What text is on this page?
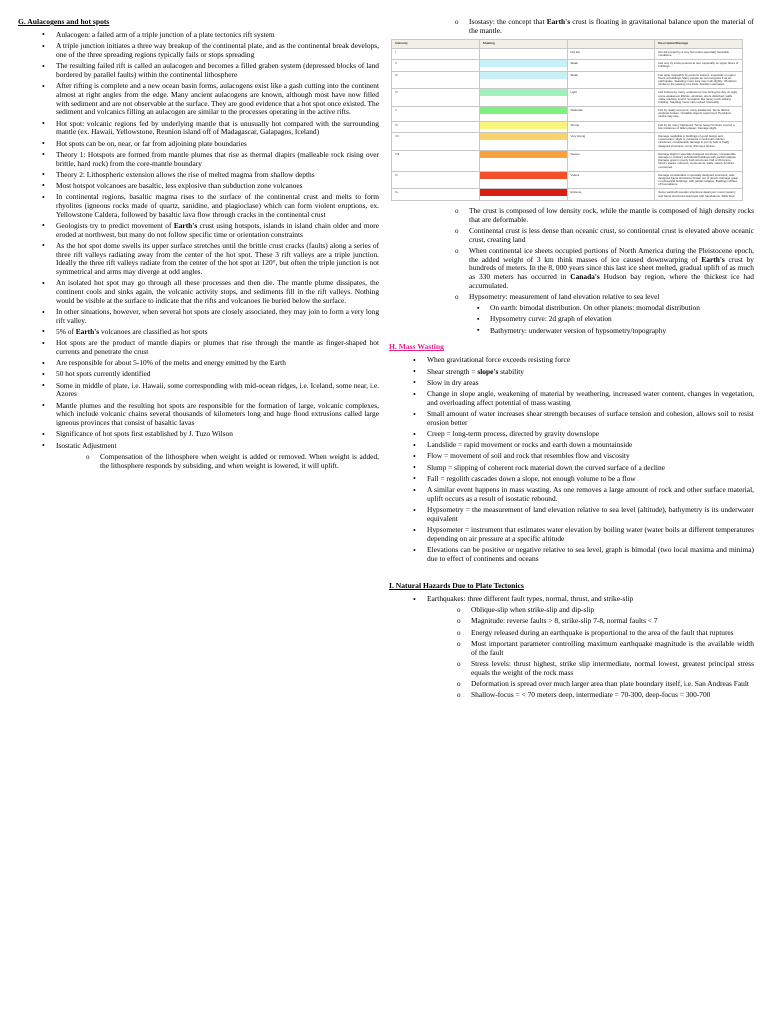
G. Aulacogens and hot spots
• Aulacogen: a failed arm of a triple junction of a plate tectonics rift system
• A triple junction initiates a three way breakup of the continental plate, and as the continental break develops, one of the three spreading regions typically fails or stops spreading
• The resulting failed rift is called an aulacogen and becomes a filled graben system (depressed blocks of land bordered by parallel faults) within the continental lithosphere
• After rifting is complete and a new ocean basin forms, aulacogens exist like a gash cutting into the continent almost at right angles from the edge. Many ancient aulacogens are known, although most have now filled with sediment and are not observable at the surface. They are good evidence that a hot spot once existed. The sediment and volcanics filling an aulacogen are similar to the processes operating in the active rifts.
• Hot spot: volcanic regions fed by underlying mantle that is unusually hot compared with the surrounding mantle (ex. Hawaii, Yellowstone, Reunion island off of Madagascar, Galapagos, Iceland)
• Hot spots can be on, near, or far from adjoining plate boundaries
• Theory 1: Hotspots are formed from mantle plumes that rise as thermal diapirs (malleable rock rising over brittle, hard rock) from the core-mantle boundary
• Theory 2: Lithospheric extension allows the rise of melted magma from shallow depths
• Most hotspot volcanoes are basaltic, less explosive than subduction zone volcanoes
• In continental regions, basaltic magma rises to the surface of the continental crust and melts to form rhyolites (igneous rocks made of quartz, sanidine, and plagioclase) which can form violent eruptions, ex. Yellowstone Caldera, followed by basaltic lava flow through cracks in the continental crust
• Geologists try to predict movement of Earth's crust using hotspots, islands in island chain older and more eroded at northwest, but many do not follow specific time or orientation constraints
• As the hot spot dome swells its upper surface stretches until the brittle crust cracks (faults) along a series of three rift valleys radiating away from the center of the hot spot. These 3 rift valleys are a triple junction. Ideally the three rift valleys radiate from the center of the hot spot at 120°, but often the triple junction is not symmetrical and arms may diverge at odd angles.
• An isolated hot spot may go through all these processes and then die. The mantle plume dissipates, the continent cools and sinks again, the volcanic activity stops, and sediments fill in the rift valleys. Nothing would be visible at the surface to indicate that the rifts and volcanoes lie buried below the surface.
• In other situations, however, when several hot spots are closely associated, they may join to form a very long rift valley.
• 5% of Earth's volcanoes are classified as hot spots
• Hot spots are the product of mantle diapirs or plumes that rise through the mantle as finger-shaped hot currents and penetrate the crust
• Are responsible for about 5-10% of the melts and energy emitted by the Earth
• 50 hot spots currently identified
• Some in middle of plate, i.e. Hawaii, some corresponding with mid-ocean ridges, i.e. Iceland, some near, i.e. Azores
• Mantle plumes and the resulting hot spots are responsible for the formation of large, volcanic complexes, which include volcanic chains several thousands of kilometers long and huge flood extrusions called large igneous provinces that consist of basaltic lavas
• Significance of hot spots first established by J. Tuzo Wilson
• Isostatic Adjustment
o Compensation of the lithosphere when weight is added or removed. When weight is added, the lithosphere responds by subsiding, and when weight is lowered, it will uplift.
o Isostasy: the concept that Earth's crust is floating in gravitational balance upon the material of the mantle.
Intensity	Shaking		Description/Damage
I		Not felt	Not felt except by a very few under especially favorable conditions.
II		Weak	Felt only by a few persons at rest, especially on upper floors of buildings.
III		Weak	Felt quite noticeably by persons indoors, especially on upper floors of buildings. Many people do not recognize it as an earthquake. Standing motor cars may rock slightly. Vibrations similar to the passing of a truck. Duration estimated.
IV		Light	Felt indoors by many, outdoors by few during the day. At night, some awakened. Dishes, windows, doors disturbed; walls make cracking sound. Sensation like heavy truck striking building. Standing motor cars rocked noticeably.
V		Moderate	Felt by nearly everyone; many awakened. Some dishes, windows broken. Unstable objects overturned. Pendulum clocks may stop.
VI		Strong	Felt by all, many frightened. Some heavy furniture moved; a few instances of fallen plaster. Damage slight.
VII		Very strong	Damage negligible in buildings of good design and construction; slight to moderate in well-built ordinary structures; considerable damage in poorly built or badly designed structures; some chimneys broken.
VIII		Severe	Damage slight in specially designed structures; considerable damage in ordinary substantial buildings with partial collapse. Damage great in poorly built structures. Fall of chimneys, factory stacks, columns, monuments, walls. Heavy furniture overturned.
IX		Violent	Damage considerable in specially designed structures; well-designed frame structures thrown out of plumb. Damage great in substantial buildings, with partial collapse. Buildings shifted off foundations.
X+		Extreme	Some well-built wooden structures destroyed; most masonry and frame structures destroyed with foundations. Rails bent.
o The crust is composed of low density rock, while the mantle is composed of high density rocks that are deformable.
o Continental crust is less dense than oceanic crust, so continental crust is elevated above oceanic crust, creating land
o When continental ice sheets occupied portions of North America during the Pleistocene epoch, the added weight of 3 km think masses of ice caused downwarping of Earth's crust by hundreds of meters. In the 8, 000 years since this last ice sheet melted, gradual uplift of as much as 330 meters has occurred in Canada's Hudson bay region, where the thickest ice had accumulated.
o Hypsometry: measurement of land elevation relative to sea level
▪ On earth: bimodal distribution. On other planets: momodal distribution
▪ Hypsometry curve: 2d graph of elevation
▪ Bathymetry: underwater version of hypsometry/topography
H. Mass Wasting
• When gravitational force exceeds resisting force
• Shear strength = slope's stability
• Slow in dry areas
• Change in slope angle, weakening of material by weathering, increased water content, changes in vegetation, and overloading affect potential of mass wasting
• Small amount of water increases shear strength becauses of surface tension and cohesion, allows soil to resist erosion better
• Creep = long-term process, directed by gravity downslope
• Landslide = rapid movement or rocks and earth down a mountainside
• Flow = movement of soil and rock that resembles flow and viscosity
• Slump = slipping of coherent rock material down the curved surface of a decline
• Fall = regolith cascades down a slope, not enough volume to be a flow
• A similar event happens in mass wasting. As one removes a large amount of rock and other surface material, uplift occurs as a result of isostatic rebound.
• Hypsometry = the measurement of land elevation relative to sea level (altitude), bathymetry is its underwater equivalent
• Hypsometer = instrument that estimates water elevation by boiling water (water boils at different temperatures depending on air pressure at a specific altitude
• Elevations can be positive or negative relative to sea level, graph is bimodal (two local maxima and minima) due to effect of continents and oceans
I. Natural Hazards Due to Plate Tectonics
• Earthquakes: three different fault types, normal, thrust, and strike-slip
o Oblique-slip when strike-slip and dip-slip
o Magnitude: reverse faults > 8, strike-slip 7-8, normal faults < 7
o Energy released during an earthquake is proportional to the area of the fault that ruptures
o Most important parameter controlling maximum earthquake magnitude is the available width of the fault
o Stress levels: thrust highest, strike slip intermediate, normal lowest, greatest principal stress equals the weight of the rock mass
o Deformation is spread over much larger area than plate boundary itself, i.e. San Andreas Fault
o Shallow-focus = < 70 meters deep, intermediate = 70-300, deep-focus = 300-700
